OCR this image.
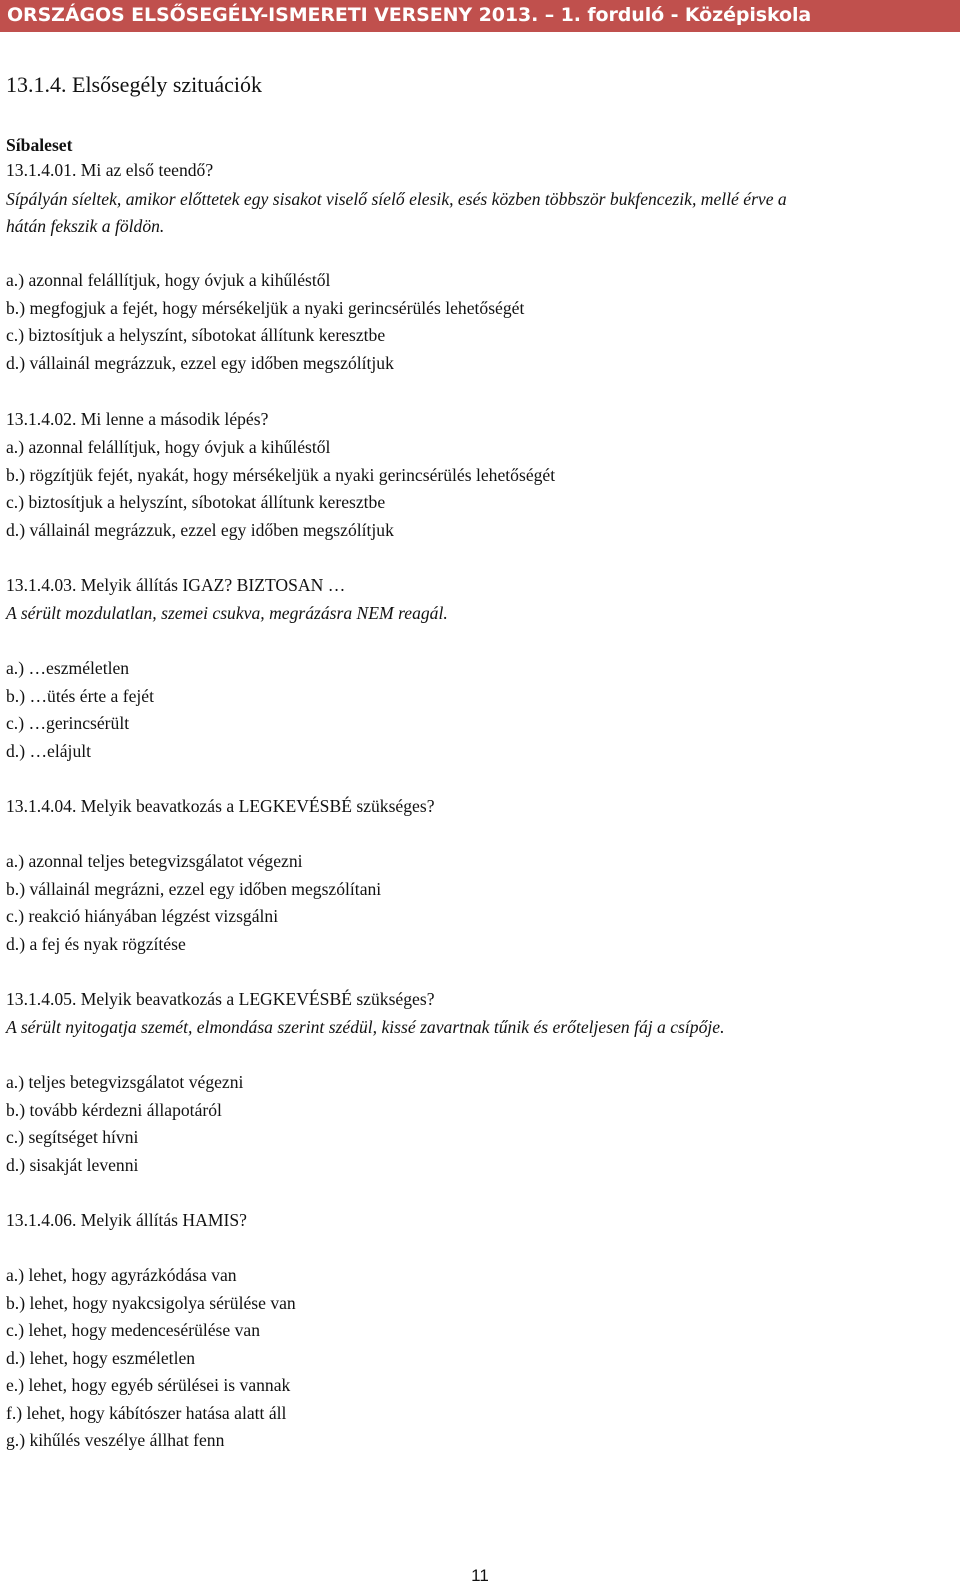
ORSZÁGOS ELSŐSEGÉLY-ISMERETI VERSENY 2013. – 1. forduló - Középiskola
13.1.4. Elsősegély szituációk
Síbaleset
13.1.4.01. Mi az első teendő?
Sípályán síeltek, amikor előttetek egy sisakot viselő síelő elesik, esés közben többször bukfencezik, mellé érve a
hátán fekszik a földön.
a.) azonnal felállítjuk, hogy óvjuk a kihűléstől
b.) megfogjuk a fejét, hogy mérsékeljük a nyaki gerincsérülés lehetőségét
c.) biztosítjuk a helyszínt, síbotokat állítunk keresztbe
d.) vállainál megrázzuk, ezzel egy időben megszólítjuk
13.1.4.02. Mi lenne a második lépés?
a.) azonnal felállítjuk, hogy óvjuk a kihűléstől
b.) rögzítjük fejét, nyakát, hogy mérsékeljük a nyaki gerincsérülés lehetőségét
c.) biztosítjuk a helyszínt, síbotokat állítunk keresztbe
d.) vállainál megrázzuk, ezzel egy időben megszólítjuk
13.1.4.03. Melyik állítás IGAZ? BIZTOSAN …
A sérült mozdulatlan, szemei csukva, megrázásra NEM reagál.
a.) …eszméletlen
b.) …ütés érte a fejét
c.) …gerincsérült
d.) …elájult
13.1.4.04. Melyik beavatkozás a LEGKEVÉSBÉ szükséges?
a.) azonnal teljes betegvizsgálatot végezni
b.) vállainál megrázni, ezzel egy időben megszólítani
c.) reakció hiányában légzést vizsgálni
d.) a fej és nyak rögzítése
13.1.4.05. Melyik beavatkozás a LEGKEVÉSBÉ szükséges?
A sérült nyitogatja szemét, elmondása szerint szédül, kissé zavartnak tűnik és erőteljesen fáj a csípője.
a.) teljes betegvizsgálatot végezni
b.) tovább kérdezni állapotáról
c.) segítséget hívni
d.) sisakját levenni
13.1.4.06. Melyik állítás HAMIS?
a.) lehet, hogy agyrázkódása van
b.) lehet, hogy nyakcsigolya sérülése van
c.) lehet, hogy medencesérülése van
d.) lehet, hogy eszméletlen
e.) lehet, hogy egyéb sérülései is vannak
f.) lehet, hogy kábítószer hatása alatt áll
g.) kihűlés veszélye állhat fenn
11
